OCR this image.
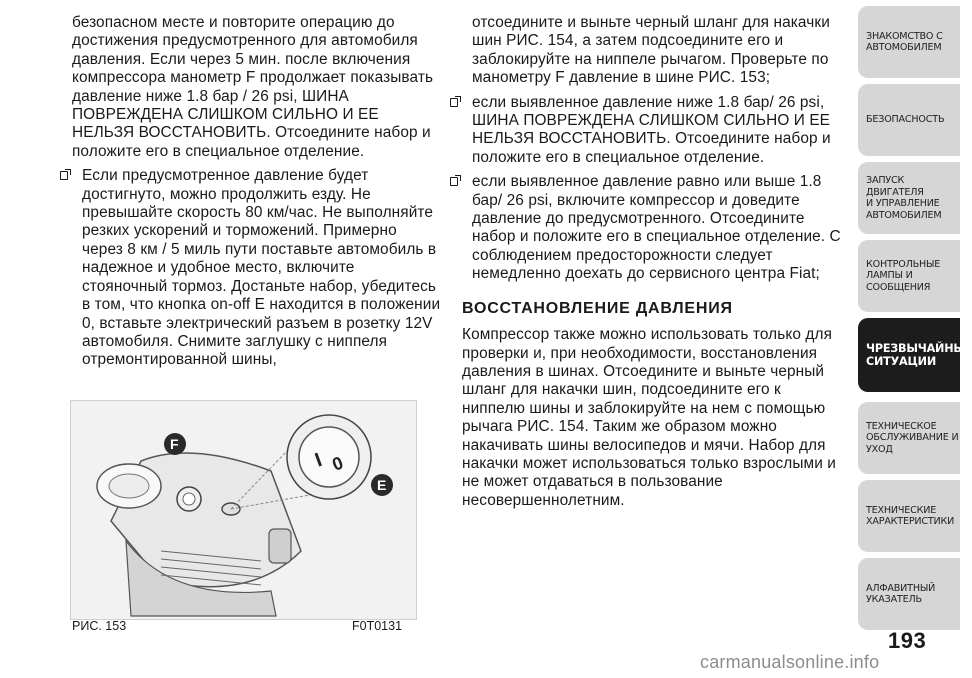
безопасном месте и повторите операцию до достижения предусмотренного для автомобиля давления. Если через 5 мин. после включения компрессора манометр F продолжает показывать давление ниже 1.8 бар / 26 psi, ШИНА ПОВРЕЖДЕНА СЛИШКОМ СИЛЬНО И ЕЕ НЕЛЬЗЯ ВОССТАНОВИТЬ. Отсоедините набор и положите его в специальное отделение.

Если предусмотренное давление будет достигнуто, можно продолжить езду. Не превышайте скорость 80 км/час. Не выполняйте резких ускорений и торможений. Примерно через 8 км / 5 миль пути поставьте автомобиль в надежное и удобное место, включите стояночный тормоз. Достаньте набор, убедитесь в том, что кнопка on-off E находится в положении 0, вставьте электрический разъем в розетку 12V автомобиля. Снимите заглушку с ниппеля отремонтированной шины,

I 0
F
E
РИС. 153	F0T0131

отсоедините и выньте черный шланг для накачки шин РИС. 154, а затем подсоедините его и заблокируйте на ниппеле рычагом. Проверьте по манометру F давление в шине РИС. 153;

если выявленное давление ниже 1.8 бар/ 26 psi, ШИНА ПОВРЕЖДЕНА СЛИШКОМ СИЛЬНО И ЕЕ НЕЛЬЗЯ ВОССТАНОВИТЬ. Отсоедините набор и положите его в специальное отделение.

если выявленное давление равно или выше 1.8 бар/ 26 psi, включите компрессор и доведите давление до предусмотренного. Отсоедините набор и положите его в специальное отделение. С соблюдением предосторожности следует немедленно доехать до сервисного центра Fiat;

ВОССТАНОВЛЕНИЕ ДАВЛЕНИЯ

Компрессор также можно использовать только для проверки и, при необходимости, восстановления давления в шинах. Отсоедините и выньте черный шланг для накачки шин, подсоедините его к ниппелю шины и заблокируйте на нем с помощью рычага РИС. 154. Таким же образом можно накачивать шины велосипедов и мячи. Набор для накачки может использоваться только взрослыми и не может отдаваться в пользование несовершеннолетним.

ЗНАКОМСТВО С
АВТОМОБИЛЕМ
БЕЗОПАСНОСТЬ
ЗАПУСК ДВИГАТЕЛЯ
И УПРАВЛЕНИЕ
АВТОМОБИЛЕМ
КОНТРОЛЬНЫЕ
ЛАМПЫ И
СООБЩЕНИЯ
ЧРЕЗВЫЧАЙНЫЕ
СИТУАЦИИ
ТЕХНИЧЕСКОЕ
ОБСЛУЖИВАНИЕ И
УХОД
ТЕХНИЧЕСКИЕ
ХАРАКТЕРИСТИКИ
АЛФАВИТНЫЙ
УКАЗАТЕЛЬ
193
carmanualsonline.info
